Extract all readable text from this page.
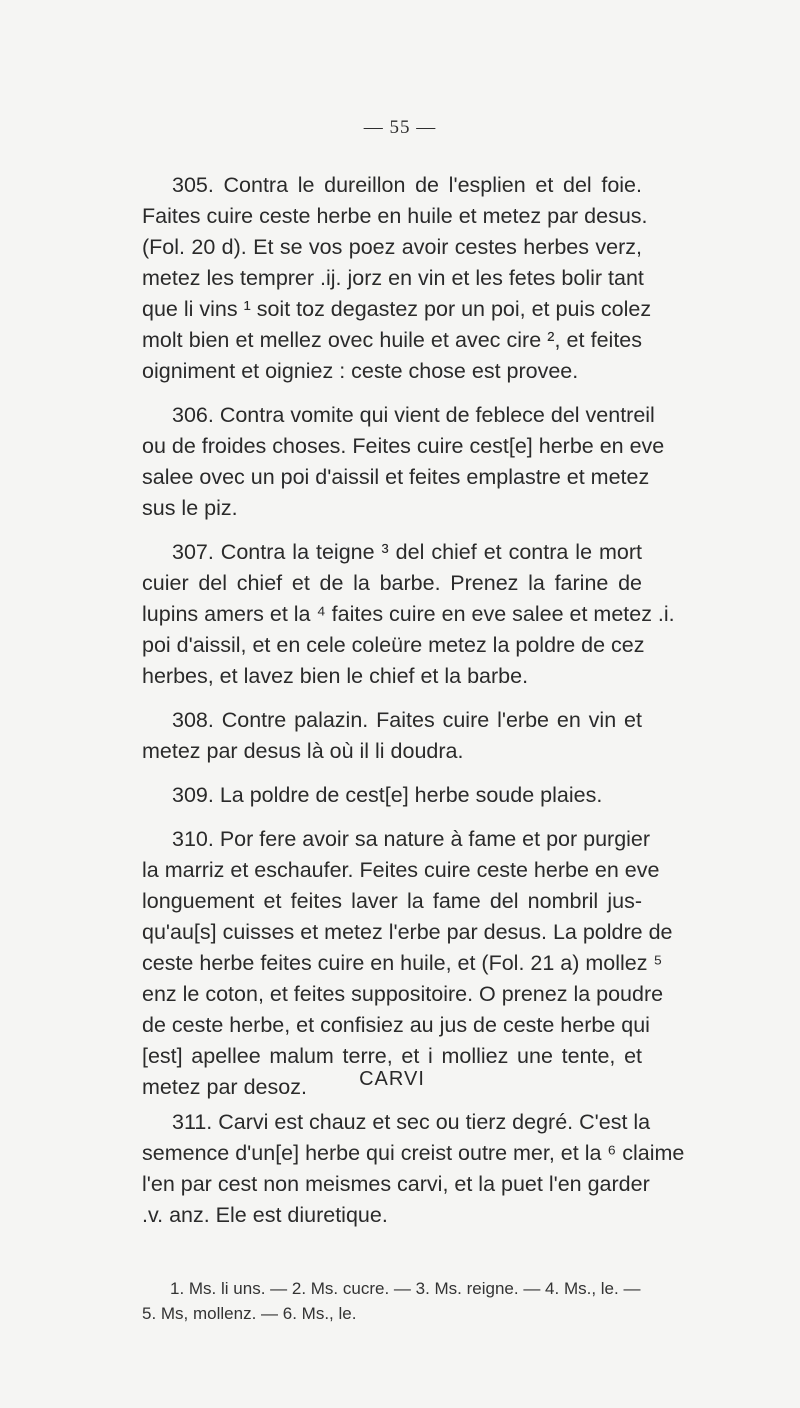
— 55 —
305. Contra le dureillon de l'esplien et del foie.
Faites cuire ceste herbe en huile et metez par desus.
(Fol. 20 d). Et se vos poez avoir cestes herbes verz,
metez les temprer .ij. jorz en vin et les fetes bolir tant
que li vins ¹ soit toz degastez por un poi, et puis colez
molt bien et mellez ovec huile et avec cire ², et feites
oigniment et oigniez : ceste chose est provee.
306. Contra vomite qui vient de feblece del ventreil
ou de froides choses. Feites cuire cest[e] herbe en eve
salee ovec un poi d'aissil et feites emplastre et metez
sus le piz.
307. Contra la teigne ³ del chief et contra le mort
cuier del chief et de la barbe. Prenez la farine de
lupins amers et la ⁴ faites cuire en eve salee et metez .i.
poi d'aissil, et en cele coleüre metez la poldre de cez
herbes, et lavez bien le chief et la barbe.
308. Contre palazin. Faites cuire l'erbe en vin et
metez par desus là où il li doudra.
309. La poldre de cest[e] herbe soude plaies.
310. Por fere avoir sa nature à fame et por purgier
la marriz et eschaufer. Feites cuire ceste herbe en eve
longuement et feites laver la fame del nombril jus-
qu'au[s] cuisses et metez l'erbe par desus. La poldre de
ceste herbe feites cuire en huile, et (Fol. 21 a) mollez ⁵
enz le coton, et feites suppositoire. O prenez la poudre
de ceste herbe, et confisiez au jus de ceste herbe qui
[est] apellee malum terre, et i molliez une tente, et
metez par desoz.	CARVI
311. Carvi est chauz et sec ou tierz degré. C'est la
semence d'un[e] herbe qui creist outre mer, et la ⁶ claime
l'en par cest non meismes carvi, et la puet l'en garder
.v. anz. Ele est diuretique.
1. Ms. li uns. — 2. Ms. cucre. — 3. Ms. reigne. — 4. Ms., le. —
5. Ms, mollenz. — 6. Ms., le.
